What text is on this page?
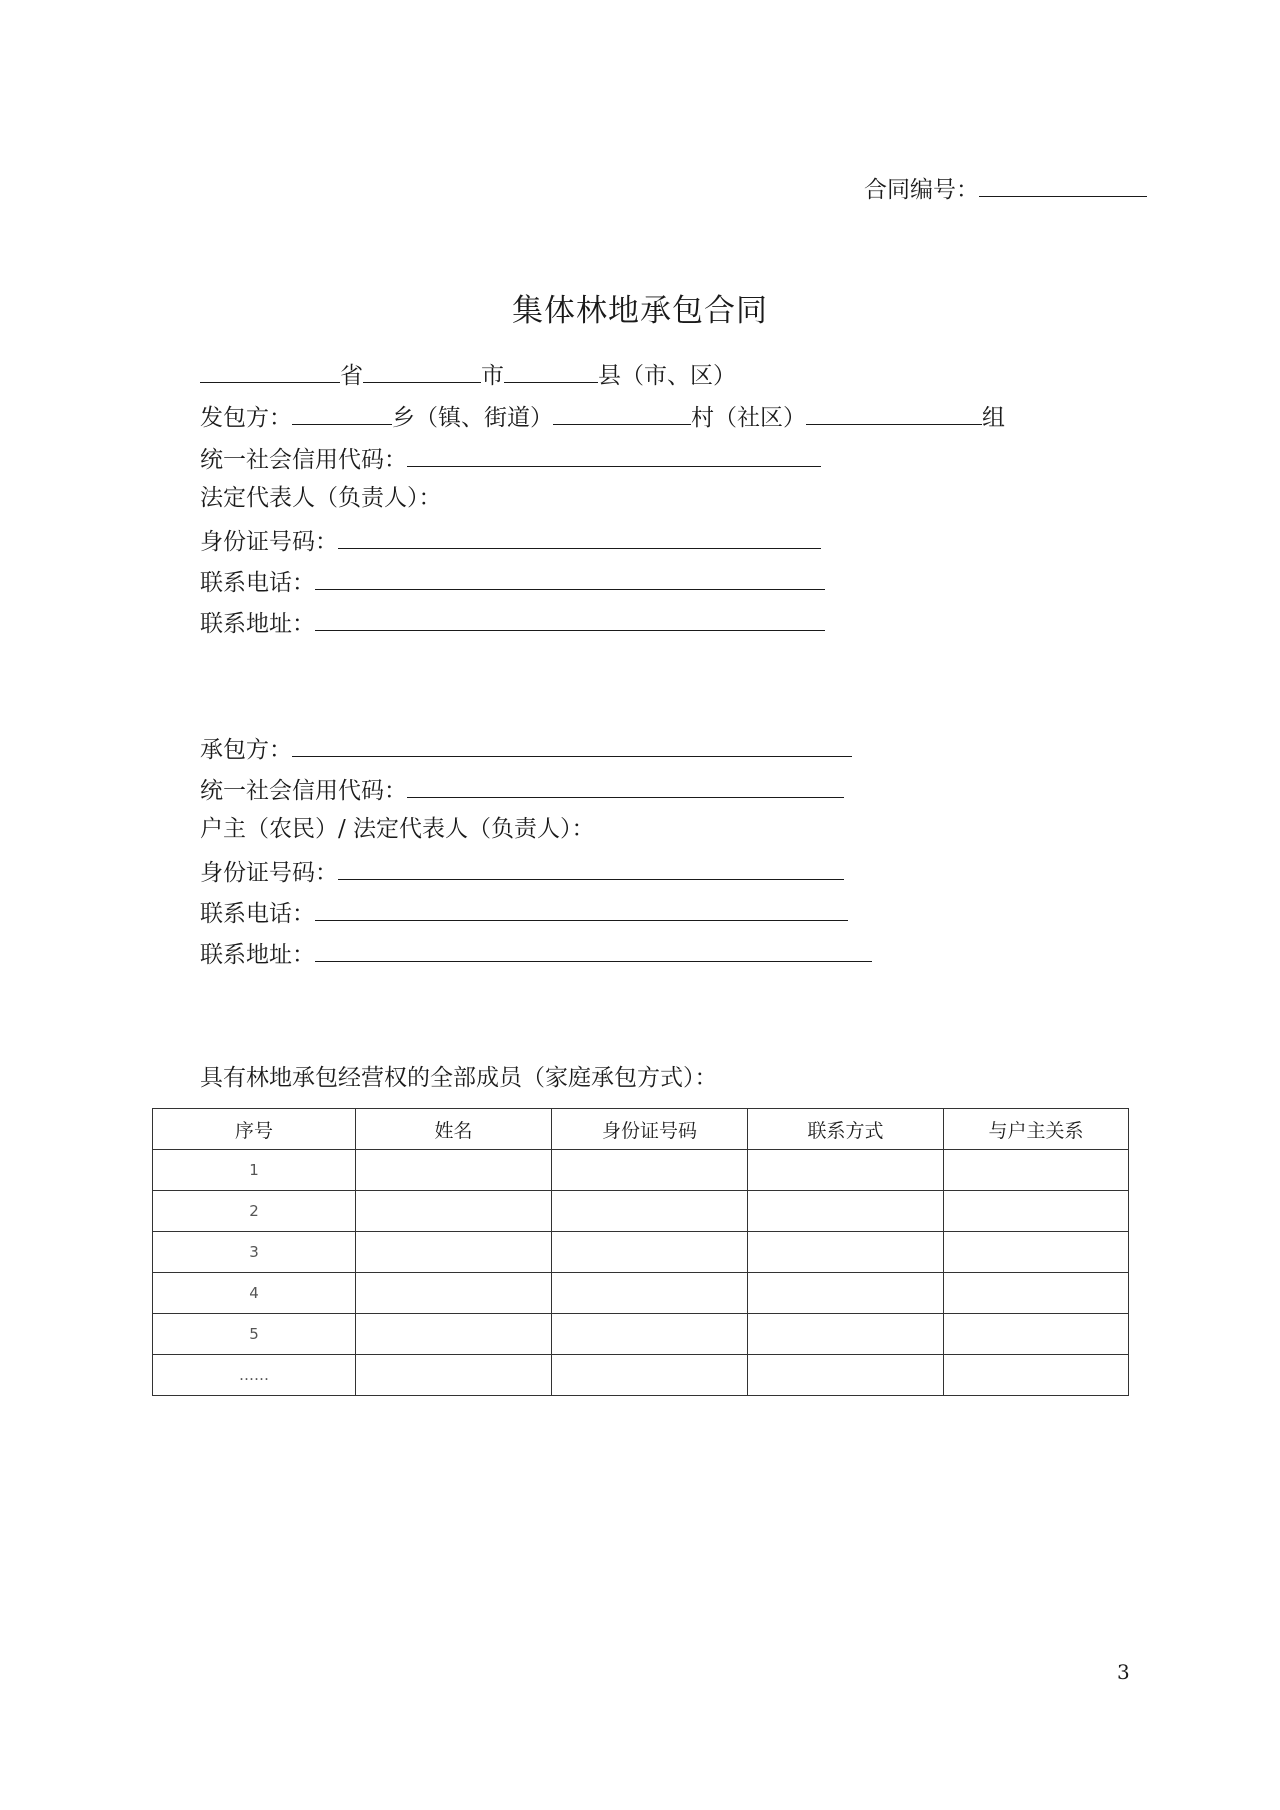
合同编号：
集体林地承包合同
省	市	县（市、区）
发包方：	乡（镇、街道）	村（社区）	组
统一社会信用代码：
法定代表人（负责人）：
身份证号码：
联系电话：
联系地址：
承包方：
统一社会信用代码：
户主（农民）/ 法定代表人（负责人）：
身份证号码：
联系电话：
联系地址：
具有林地承包经营权的全部成员（家庭承包方式）：
序号	姓名	身份证号码	联系方式	与户主关系
1				
2				
3				
4				
5				
……				
3
